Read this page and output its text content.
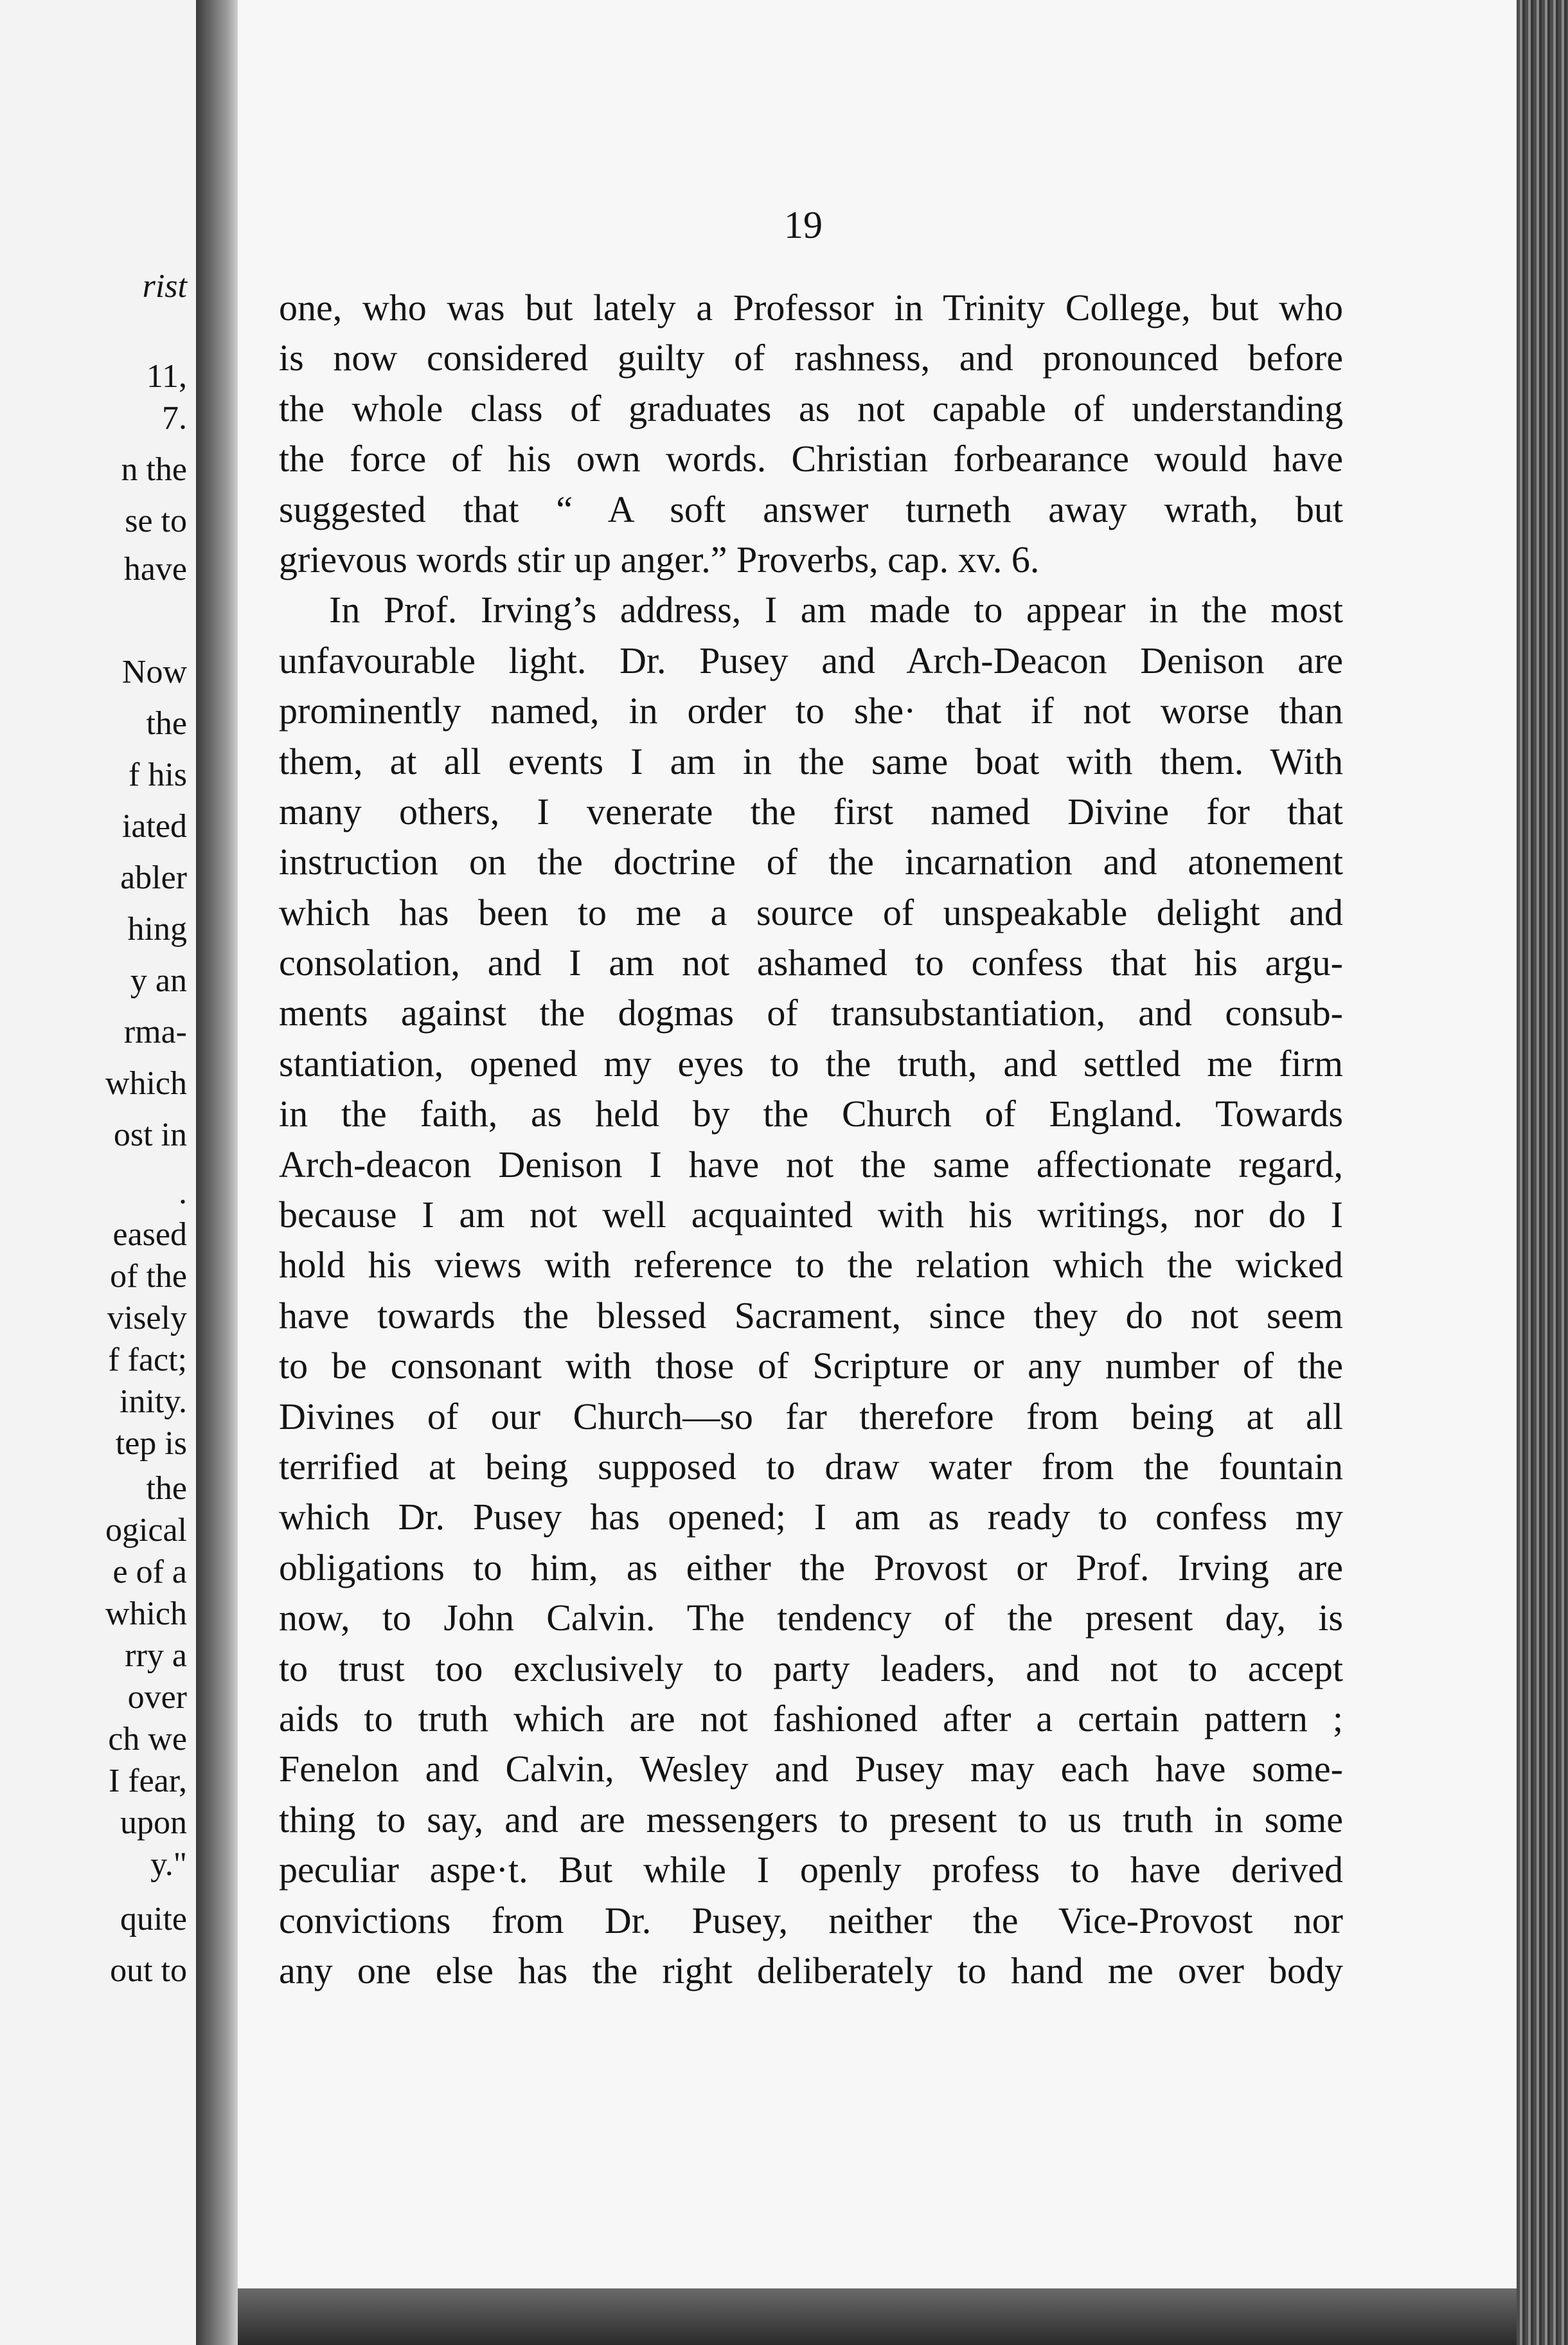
rist
11,
7.
n the
se to
have
Now
the
f his
iated
abler
hing
y an
rma-
which
ost in
.
eased
of the
visely
f fact;
inity.
tep is
the
ogical
e of a
which
rry a
over
ch we
I fear,
upon
y."
quite
out to
19
one, who was but lately a Professor in Trinity College, but who
is now considered guilty of rashness, and pronounced before
the whole class of graduates as not capable of understanding
the force of his own words. Christian forbearance would have
suggested that “ A soft answer turneth away wrath, but
grievous words stir up anger.” Proverbs, cap. xv. 6.
In Prof. Irving’s address, I am made to appear in the most
unfavourable light. Dr. Pusey and Arch-Deacon Denison are
prominently named, in order to she· that if not worse than
them, at all events I am in the same boat with them. With
many others, I venerate the first named Divine for that
instruction on the doctrine of the incarnation and atonement
which has been to me a source of unspeakable delight and
consolation, and I am not ashamed to confess that his argu-
ments against the dogmas of transubstantiation, and consub-
stantiation, opened my eyes to the truth, and settled me firm
in the faith, as held by the Church of England. Towards
Arch-deacon Denison I have not the same affectionate regard,
because I am not well acquainted with his writings, nor do I
hold his views with reference to the relation which the wicked
have towards the blessed Sacrament, since they do not seem
to be consonant with those of Scripture or any number of the
Divines of our Church—so far therefore from being at all
terrified at being supposed to draw water from the fountain
which Dr. Pusey has opened; I am as ready to confess my
obligations to him, as either the Provost or Prof. Irving are
now, to John Calvin. The tendency of the present day, is
to trust too exclusively to party leaders, and not to accept
aids to truth which are not fashioned after a certain pattern ;
Fenelon and Calvin, Wesley and Pusey may each have some-
thing to say, and are messengers to present to us truth in some
peculiar aspe·t. But while I openly profess to have derived
convictions from Dr. Pusey, neither the Vice-Provost nor
any one else has the right deliberately to hand me over body
